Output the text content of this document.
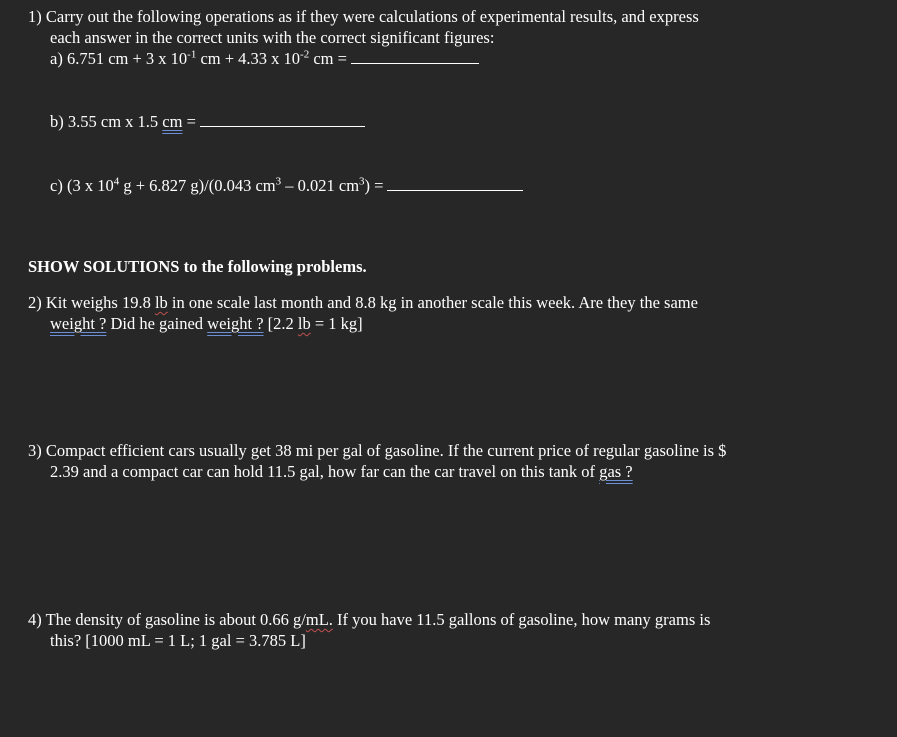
1) Carry out the following operations as if they were calculations of experimental results, and express
each answer in the correct units with the correct significant figures:
a) 6.751 cm + 3 x $10^{-1}$ cm + 4.33 x $10^{-2}$ cm =
b) 3.55 cm x 1.5 cm =
c) (3 x $10^4$ g + 6.827 g)/(0.043 $cm^3 - 0.021$ $cm^3$) =
SHOW SOLUTIONS to the following problems.
2) Kit weighs 19.8 lb in one scale last month and 8.8 kg in another scale this week. Are they the same
weight ? Did he gained weight ? [2.2 lb = 1 kg]
3) Compact efficient cars usually get 38 mi per gal of gasoline. If the current price of regular gasoline is $
2.39 and a compact car can hold 11.5 gal, how far can the car travel on this tank of gas ?
4) The density of gasoline is about 0.66 g/mL. If you have 11.5 gallons of gasoline, how many grams is
this? [1000 mL = 1 L; 1 gal = 3.785 L]
